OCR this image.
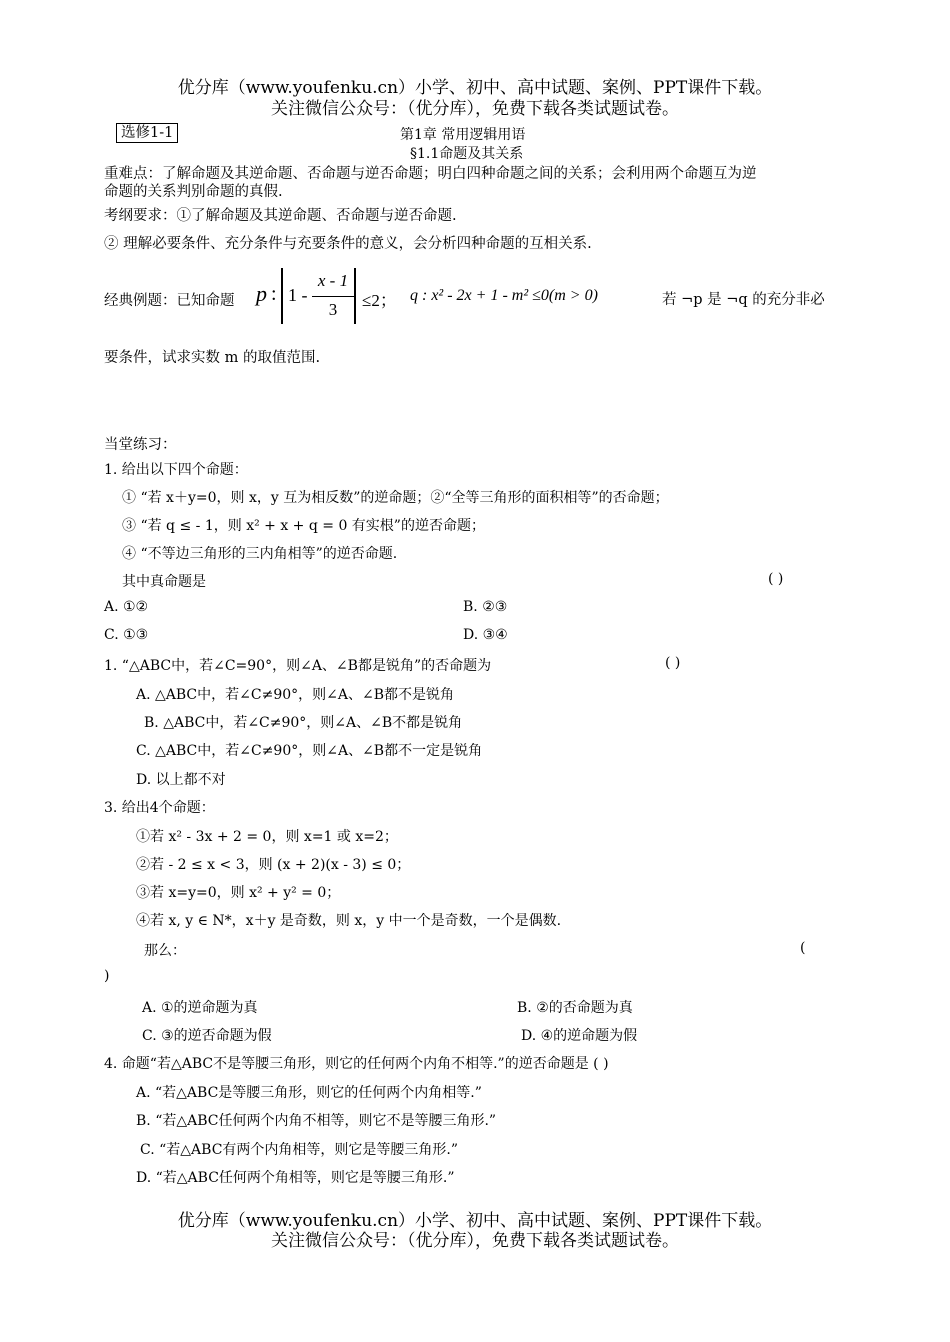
优分库（www.youfenku.cn）小学、初中、高中试题、案例、PPT课件下载。
关注微信公众号：（优分库），免费下载各类试题试卷。
选修1-1	第1章 常用逻辑用语
§1.1命题及其关系
重难点：了解命题及其逆命题、否命题与逆否命题；明白四种命题之间的关系；会利用两个命题互为逆
命题的关系判别命题的真假.
考纲要求：①了解命题及其逆命题、否命题与逆否命题.
② 理解必要条件、充分条件与充要条件的意义，会分析四种命题的互相关系.
经典例题：已知命题 p : 1 -
x - 1
3	≤2； q : x² - 2x + 1 - m² ≤0(m > 0)	若 ¬p 是 ¬q 的充分非必
要条件，试求实数 m 的取值范围.
当堂练习：
1. 给出以下四个命题：
① “若 x＋y=0，则 x，y 互为相反数”的逆命题；②“全等三角形的面积相等”的否命题；
③ “若 q ≤ - 1，则 x² + x + q = 0 有实根”的逆否命题；
④ “不等边三角形的三内角相等”的逆否命题.
其中真命题是	( )
A. ①②	B. ②③
C. ①③	D. ③④
1. “△ABC中，若∠C=90°，则∠A、∠B都是锐角”的否命题为	( )
A. △ABC中，若∠C≠90°，则∠A、∠B都不是锐角
B. △ABC中，若∠C≠90°，则∠A、∠B不都是锐角
C. △ABC中，若∠C≠90°，则∠A、∠B都不一定是锐角
D. 以上都不对
3. 给出4个命题：
①若 x² - 3x + 2 = 0，则 x=1 或 x=2；
②若 - 2 ≤ x < 3，则 (x + 2)(x - 3) ≤ 0；
③若 x=y=0，则 x² + y² = 0；
④若 x, y ∈ N*，x＋y 是奇数，则 x，y 中一个是奇数，一个是偶数.
那么：	(
)
A. ①的逆命题为真	B. ②的否命题为真
C. ③的逆否命题为假	D. ④的逆命题为假
4. 命题“若△ABC不是等腰三角形，则它的任何两个内角不相等.”的逆否命题是 ( )
A. “若△ABC是等腰三角形，则它的任何两个内角相等.”
B. “若△ABC任何两个内角不相等，则它不是等腰三角形.”
C. “若△ABC有两个内角相等，则它是等腰三角形.”
D. “若△ABC任何两个角相等，则它是等腰三角形.”
优分库（www.youfenku.cn）小学、初中、高中试题、案例、PPT课件下载。
关注微信公众号：（优分库），免费下载各类试题试卷。
